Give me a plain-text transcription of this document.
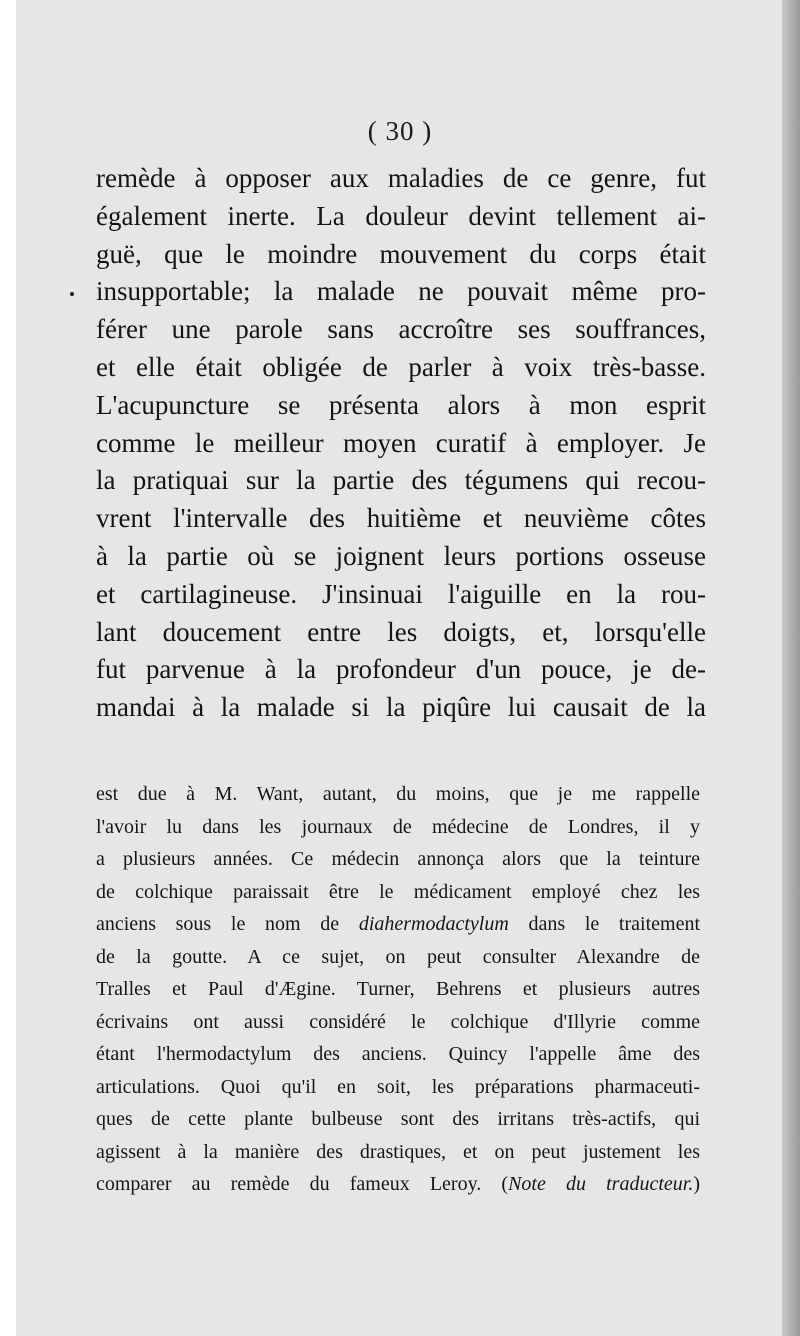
( 30 )
remède à opposer aux maladies de ce genre, fut
également inerte. La douleur devint tellement ai-
guë, que le moindre mouvement du corps était
insupportable; la malade ne pouvait même pro-
férer une parole sans accroître ses souffrances,
et elle était obligée de parler à voix très-basse.
L'acupuncture se présenta alors à mon esprit
comme le meilleur moyen curatif à employer. Je
la pratiquai sur la partie des tégumens qui recou-
vrent l'intervalle des huitième et neuvième côtes
à la partie où se joignent leurs portions osseuse
et cartilagineuse. J'insinuai l'aiguille en la rou-
lant doucement entre les doigts, et, lorsqu'elle
fut parvenue à la profondeur d'un pouce, je de-
mandai à la malade si la piqûre lui causait de la
est due à M. Want, autant, du moins, que je me rappelle
l'avoir lu dans les journaux de médecine de Londres, il y
a plusieurs années. Ce médecin annonça alors que la teinture
de colchique paraissait être le médicament employé chez les
anciens sous le nom de diahermodactylum dans le traitement
de la goutte. A ce sujet, on peut consulter Alexandre de
Tralles et Paul d'Ægine. Turner, Behrens et plusieurs autres
écrivains ont aussi considéré le colchique d'Illyrie comme
étant l'hermodactylum des anciens. Quincy l'appelle âme des
articulations. Quoi qu'il en soit, les préparations pharmaceuti-
ques de cette plante bulbeuse sont des irritans très-actifs, qui
agissent à la manière des drastiques, et on peut justement les
comparer au remède du fameux Leroy. (Note du traducteur.)
